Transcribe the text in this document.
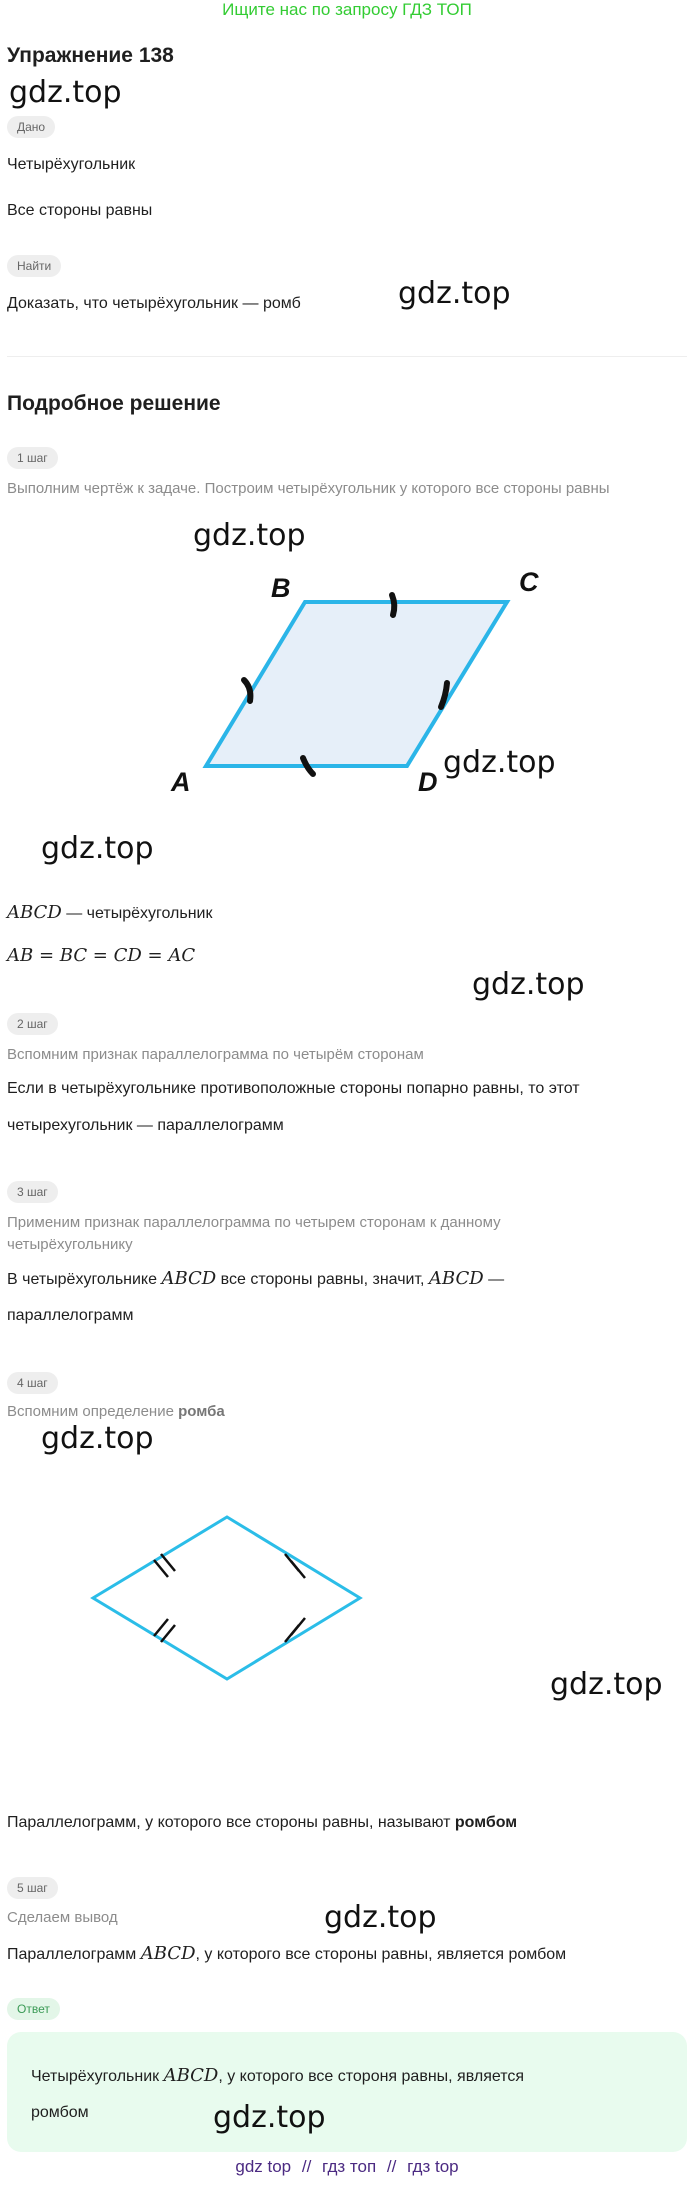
Ищите нас по запросу ГДЗ ТОП
Упражнение 138
gdz.top
Дано
Четырёхугольник
Все стороны равны
Найти
Доказать, что четырёхугольник — ромб	gdz.top
Подробное решение
1 шаг
Выполним чертёж к задаче. Построим четырёхугольник у которого все стороны равны
gdz.top
B	C
A	D
gdz.top
gdz.top
ABCD — четырёхугольник
AB = BC = CD = AC
gdz.top
2 шаг
Вспомним признак параллелограмма по четырём сторонам
Если в четырёхугольнике противоположные стороны попарно равны, то этот
четырехугольник — параллелограмм
3 шаг
Применим признак параллелограмма по четырем сторонам к данному
четырёхугольнику
В четырёхугольнике ABCD все стороны равны, значит, ABCD —
параллелограмм
4 шаг
Вспомним определение ромба
gdz.top
gdz.top
Параллелограмм, у которого все стороны равны, называют ромбом
5 шаг
Сделаем вывод	gdz.top
Параллелограмм ABCD, у которого все стороны равны, является ромбом
Ответ
Четырёхугольник ABCD, у которого все стороня равны, является
ромбом	gdz.top
gdz top // гдз топ // гдз top
